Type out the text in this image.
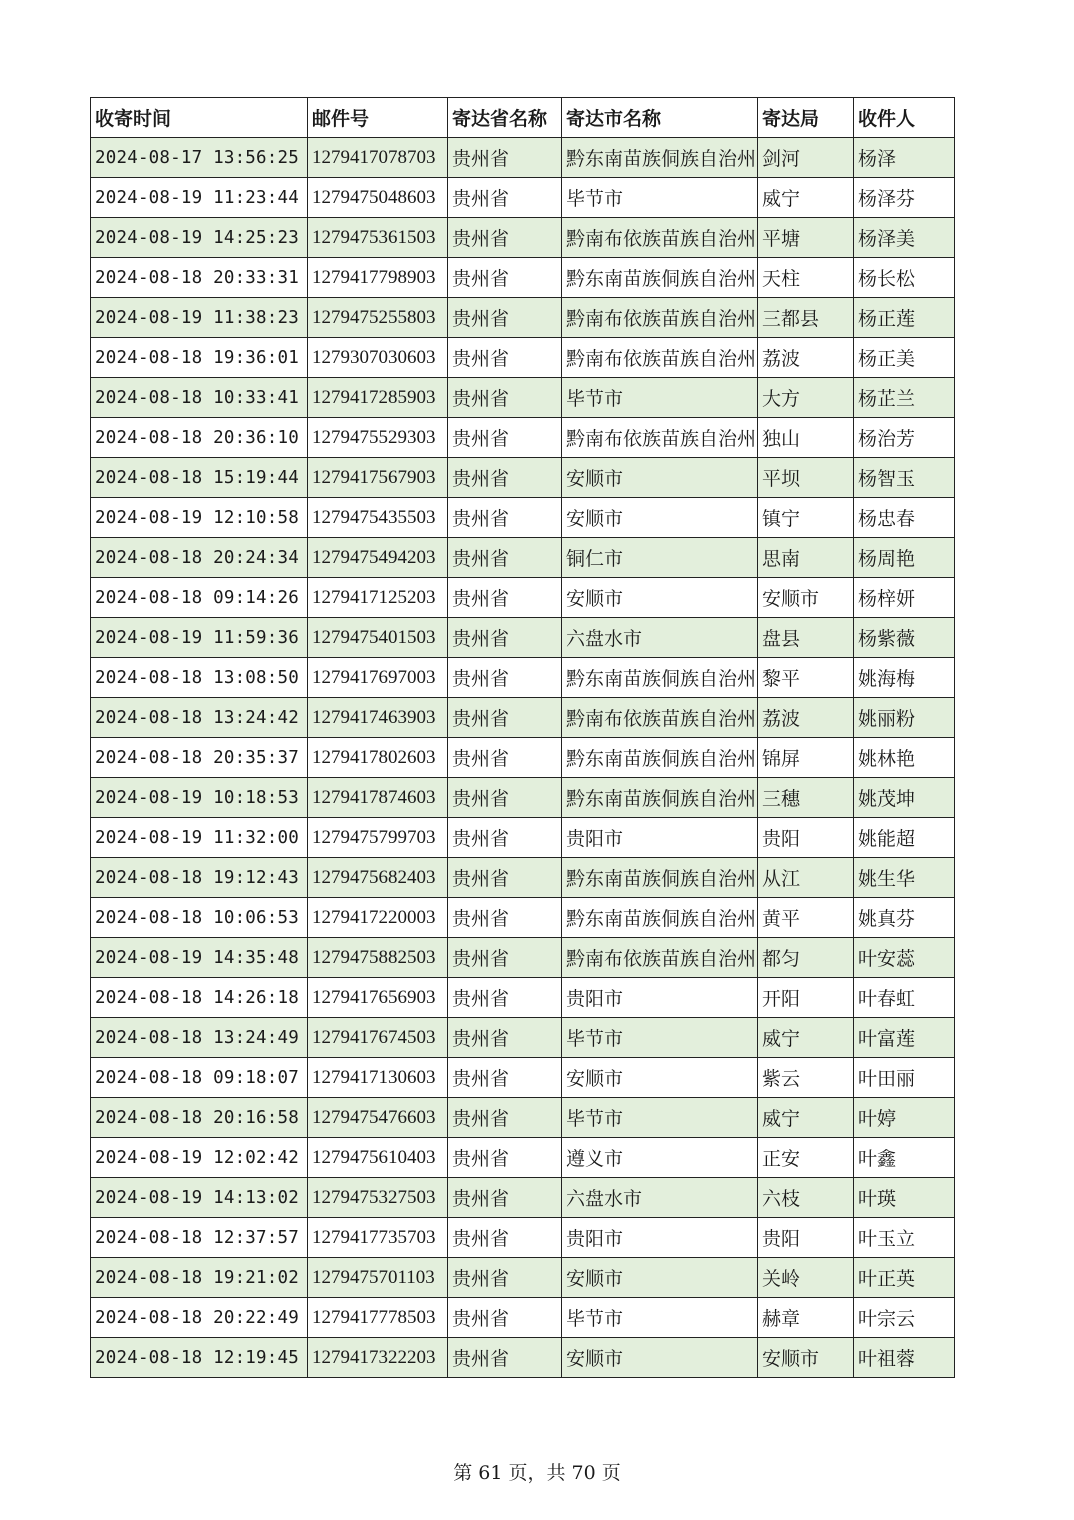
收寄时间	邮件号	寄达省名称	寄达市名称	寄达局	收件人
2024-08-17 13:56:25	1279417078703	贵州省	黔东南苗族侗族自治州	剑河	杨泽
2024-08-19 11:23:44	1279475048603	贵州省	毕节市	威宁	杨泽芬
2024-08-19 14:25:23	1279475361503	贵州省	黔南布依族苗族自治州	平塘	杨泽美
2024-08-18 20:33:31	1279417798903	贵州省	黔东南苗族侗族自治州	天柱	杨长松
2024-08-19 11:38:23	1279475255803	贵州省	黔南布依族苗族自治州	三都县	杨正莲
2024-08-18 19:36:01	1279307030603	贵州省	黔南布依族苗族自治州	荔波	杨正美
2024-08-18 10:33:41	1279417285903	贵州省	毕节市	大方	杨芷兰
2024-08-18 20:36:10	1279475529303	贵州省	黔南布依族苗族自治州	独山	杨治芳
2024-08-18 15:19:44	1279417567903	贵州省	安顺市	平坝	杨智玉
2024-08-19 12:10:58	1279475435503	贵州省	安顺市	镇宁	杨忠春
2024-08-18 20:24:34	1279475494203	贵州省	铜仁市	思南	杨周艳
2024-08-18 09:14:26	1279417125203	贵州省	安顺市	安顺市	杨梓妍
2024-08-19 11:59:36	1279475401503	贵州省	六盘水市	盘县	杨紫薇
2024-08-18 13:08:50	1279417697003	贵州省	黔东南苗族侗族自治州	黎平	姚海梅
2024-08-18 13:24:42	1279417463903	贵州省	黔南布依族苗族自治州	荔波	姚丽粉
2024-08-18 20:35:37	1279417802603	贵州省	黔东南苗族侗族自治州	锦屏	姚林艳
2024-08-19 10:18:53	1279417874603	贵州省	黔东南苗族侗族自治州	三穗	姚茂坤
2024-08-19 11:32:00	1279475799703	贵州省	贵阳市	贵阳	姚能超
2024-08-18 19:12:43	1279475682403	贵州省	黔东南苗族侗族自治州	从江	姚生华
2024-08-18 10:06:53	1279417220003	贵州省	黔东南苗族侗族自治州	黄平	姚真芬
2024-08-19 14:35:48	1279475882503	贵州省	黔南布依族苗族自治州	都匀	叶安蕊
2024-08-18 14:26:18	1279417656903	贵州省	贵阳市	开阳	叶春虹
2024-08-18 13:24:49	1279417674503	贵州省	毕节市	威宁	叶富莲
2024-08-18 09:18:07	1279417130603	贵州省	安顺市	紫云	叶田丽
2024-08-18 20:16:58	1279475476603	贵州省	毕节市	威宁	叶婷
2024-08-19 12:02:42	1279475610403	贵州省	遵义市	正安	叶鑫
2024-08-19 14:13:02	1279475327503	贵州省	六盘水市	六枝	叶瑛
2024-08-18 12:37:57	1279417735703	贵州省	贵阳市	贵阳	叶玉立
2024-08-18 19:21:02	1279475701103	贵州省	安顺市	关岭	叶正英
2024-08-18 20:22:49	1279417778503	贵州省	毕节市	赫章	叶宗云
2024-08-18 12:19:45	1279417322203	贵州省	安顺市	安顺市	叶祖蓉
第 61 页，共 70 页
